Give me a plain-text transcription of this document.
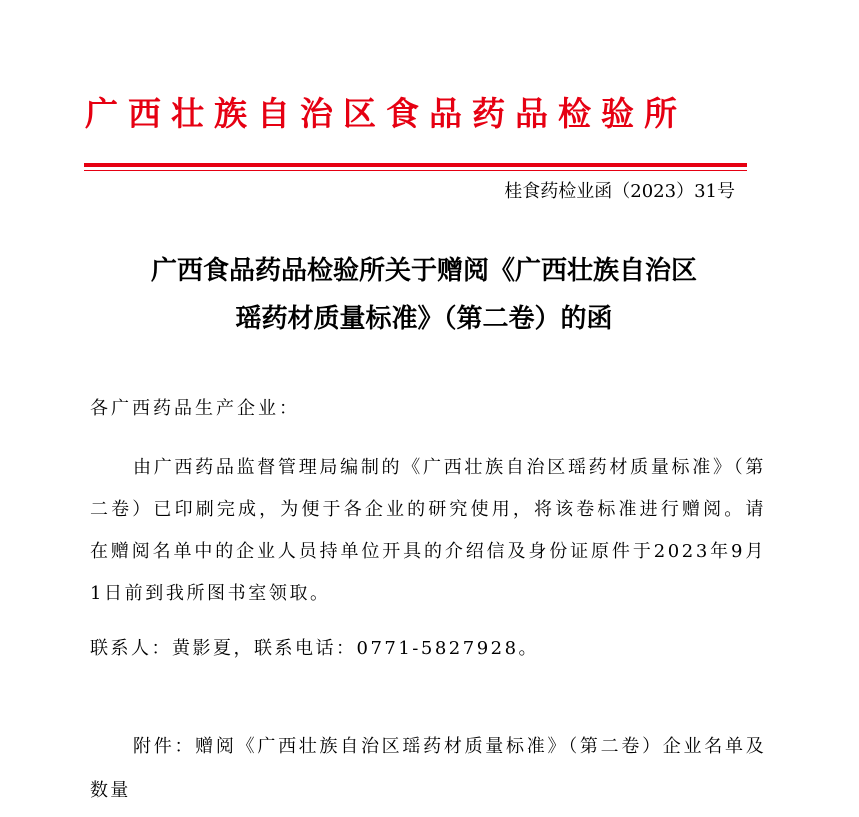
广西壮族自治区食品药品检验所
桂食药检业函（2023）31号
广西食品药品检验所关于赠阅《广西壮族自治区
瑶药材质量标准》（第二卷）的函
各广西药品生产企业：
由广西药品监督管理局编制的《广西壮族自治区瑶药材质量标准》（第二卷）已印刷完成，为便于各企业的研究使用，将该卷标准进行赠阅。请在赠阅名单中的企业人员持单位开具的介绍信及身份证原件于2023年9月1日前到我所图书室领取。
联系人：黄影夏，联系电话：0771-5827928。
附件：赠阅《广西壮族自治区瑶药材质量标准》（第二卷）企业名单及数量
